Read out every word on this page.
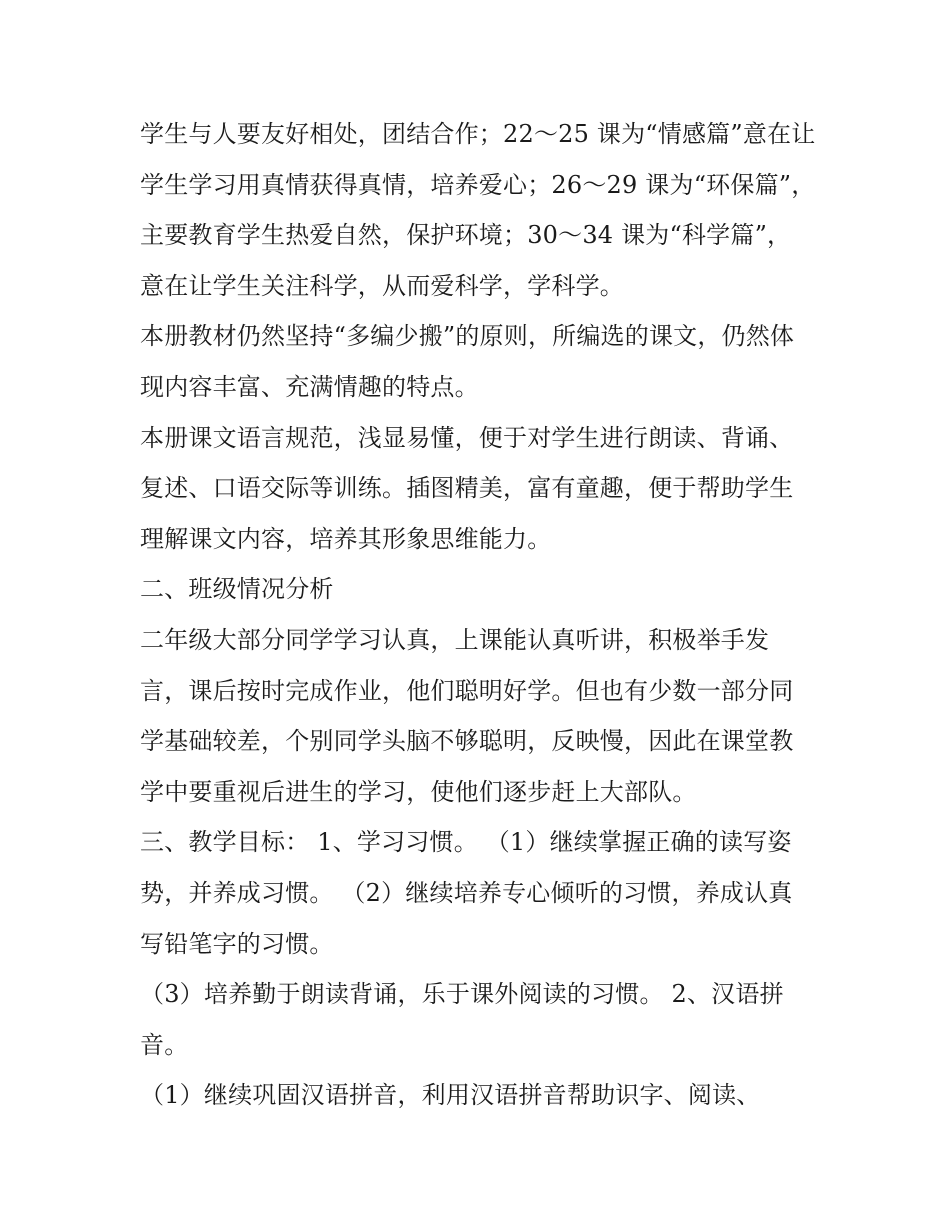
学生与人要友好相处，团结合作；22～25 课为“情感篇”意在让
学生学习用真情获得真情，培养爱心；26～29 课为“环保篇”，
主要教育学生热爱自然，保护环境；30～34 课为“科学篇”，
意在让学生关注科学，从而爱科学，学科学。
本册教材仍然坚持“多编少搬”的原则，所编选的课文，仍然体
现内容丰富、充满情趣的特点。
本册课文语言规范，浅显易懂，便于对学生进行朗读、背诵、
复述、口语交际等训练。插图精美，富有童趣，便于帮助学生
理解课文内容，培养其形象思维能力。
二、班级情况分析
二年级大部分同学学习认真，上课能认真听讲，积极举手发
言，课后按时完成作业，他们聪明好学。但也有少数一部分同
学基础较差，个别同学头脑不够聪明，反映慢，因此在课堂教
学中要重视后进生的学习，使他们逐步赶上大部队。
三、教学目标： 1、学习习惯。 （1）继续掌握正确的读写姿
势，并养成习惯。 （2）继续培养专心倾听的习惯，养成认真
写铅笔字的习惯。
（3）培养勤于朗读背诵，乐于课外阅读的习惯。 2、汉语拼
音。
（1）继续巩固汉语拼音，利用汉语拼音帮助识字、阅读、
